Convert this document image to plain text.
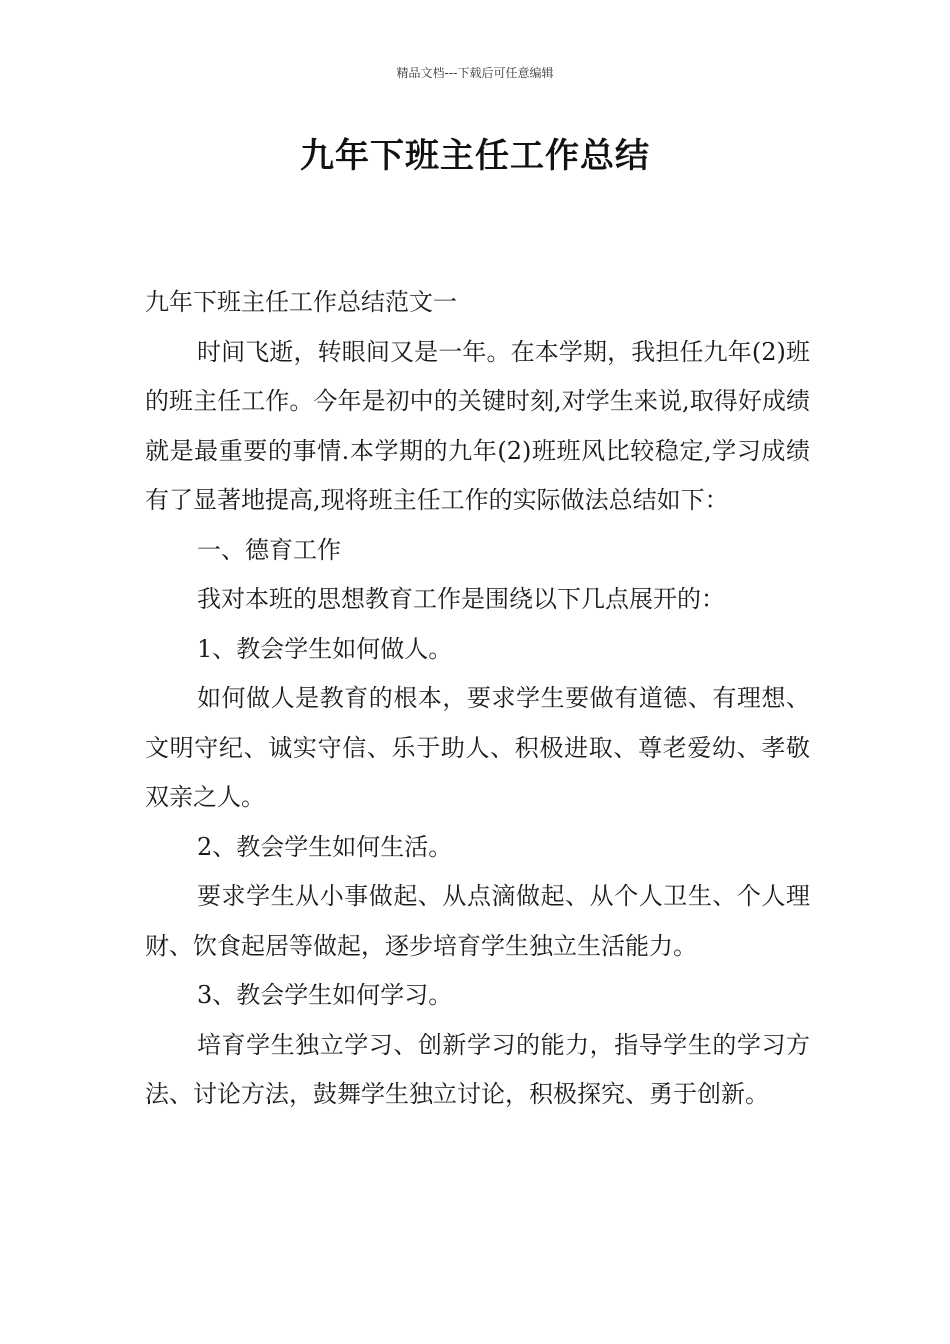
精品文档---下载后可任意编辑
九年下班主任工作总结

九年下班主任工作总结范文一

时间飞逝，转眼间又是一年。在本学期，我担任九年(2)班的班主任工作。今年是初中的关键时刻,对学生来说,取得好成绩就是最重要的事情.本学期的九年(2)班班风比较稳定,学习成绩有了显著地提高,现将班主任工作的实际做法总结如下：

一、德育工作

我对本班的思想教育工作是围绕以下几点展开的：

1、教会学生如何做人。

如何做人是教育的根本，要求学生要做有道德、有理想、文明守纪、诚实守信、乐于助人、积极进取、尊老爱幼、孝敬双亲之人。

2、教会学生如何生活。

要求学生从小事做起、从点滴做起、从个人卫生、个人理财、饮食起居等做起，逐步培育学生独立生活能力。

3、教会学生如何学习。

培育学生独立学习、创新学习的能力，指导学生的学习方法、讨论方法，鼓舞学生独立讨论，积极探究、勇于创新。
